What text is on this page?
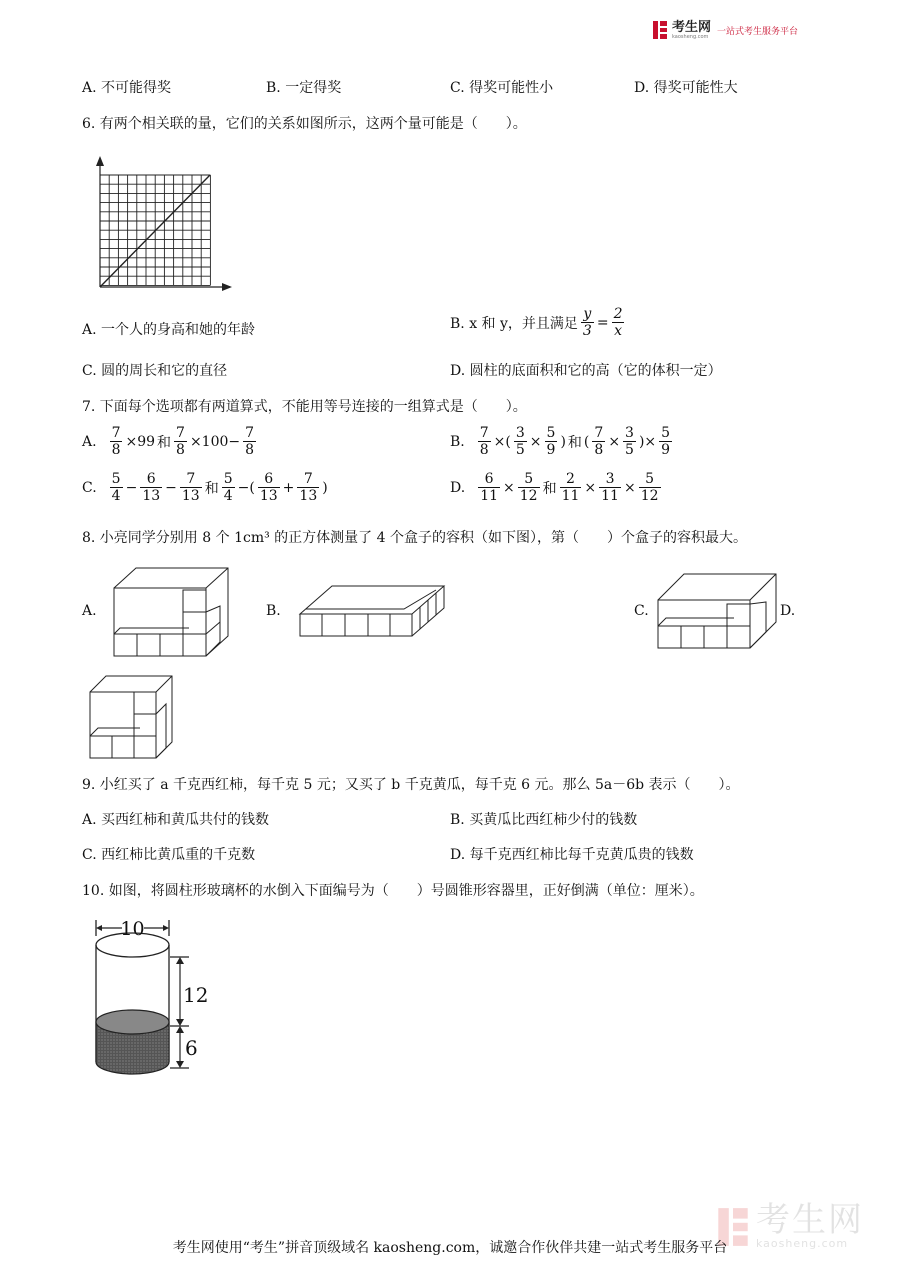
考生网
kaosheng.com 一站式考生服务平台
A. 不可能得奖	B. 一定得奖	C. 得奖可能性小	D. 得奖可能性大
6. 有两个相关联的量，它们的关系如图所示，这两个量可能是（　　）。
A. 一个人的身高和她的年龄	B. x 和 y，并且满足 $\frac{y}{3} = \frac{2}{x}$
C. 圆的周长和它的直径	D. 圆柱的底面积和它的高（它的体积一定）
7. 下面每个选项都有两道算式，不能用等号连接的一组算式是（　　）。
A. $\frac{7}{8} \times 99$ 和 $\frac{7}{8} \times 100- \frac{7}{8}$	B. $\frac{7}{8}$ ×( $\frac{3}{5} \times \frac{5}{9}$ ) 和 ( $\frac{7}{8} \times \frac{3}{5}$ )× $\frac{5}{9}$
C. $\frac{5}{4} - \frac{6}{13} - \frac{7}{13}$ 和 $\frac{5}{4}$ −( $\frac{6}{13} + \frac{7}{13}$ )	D. $\frac{6}{11} \times \frac{5}{12}$ 和 $\frac{2}{11} \times \frac{3}{11} \times \frac{5}{12}$
8. 小亮同学分别用 8 个 1cm³ 的正方体测量了 4 个盒子的容积（如下图），第（　　）个盒子的容积最大。
A.	B.	C.	D.
9. 小红买了 a 千克西红柿，每千克 5 元；又买了 b 千克黄瓜，每千克 6 元。那么 5a－6b 表示（　　）。
A. 买西红柿和黄瓜共付的钱数	B. 买黄瓜比西红柿少付的钱数
C. 西红柿比黄瓜重的千克数	D. 每千克西红柿比每千克黄瓜贵的钱数
10. 如图，将圆柱形玻璃杯的水倒入下面编号为（　　）号圆锥形容器里，正好倒满（单位：厘米）。
10
12
6
考生网
kaosheng.com
考生网使用“考生”拼音顶级域名 kaosheng.com，诚邀合作伙伴共建一站式考生服务平台
